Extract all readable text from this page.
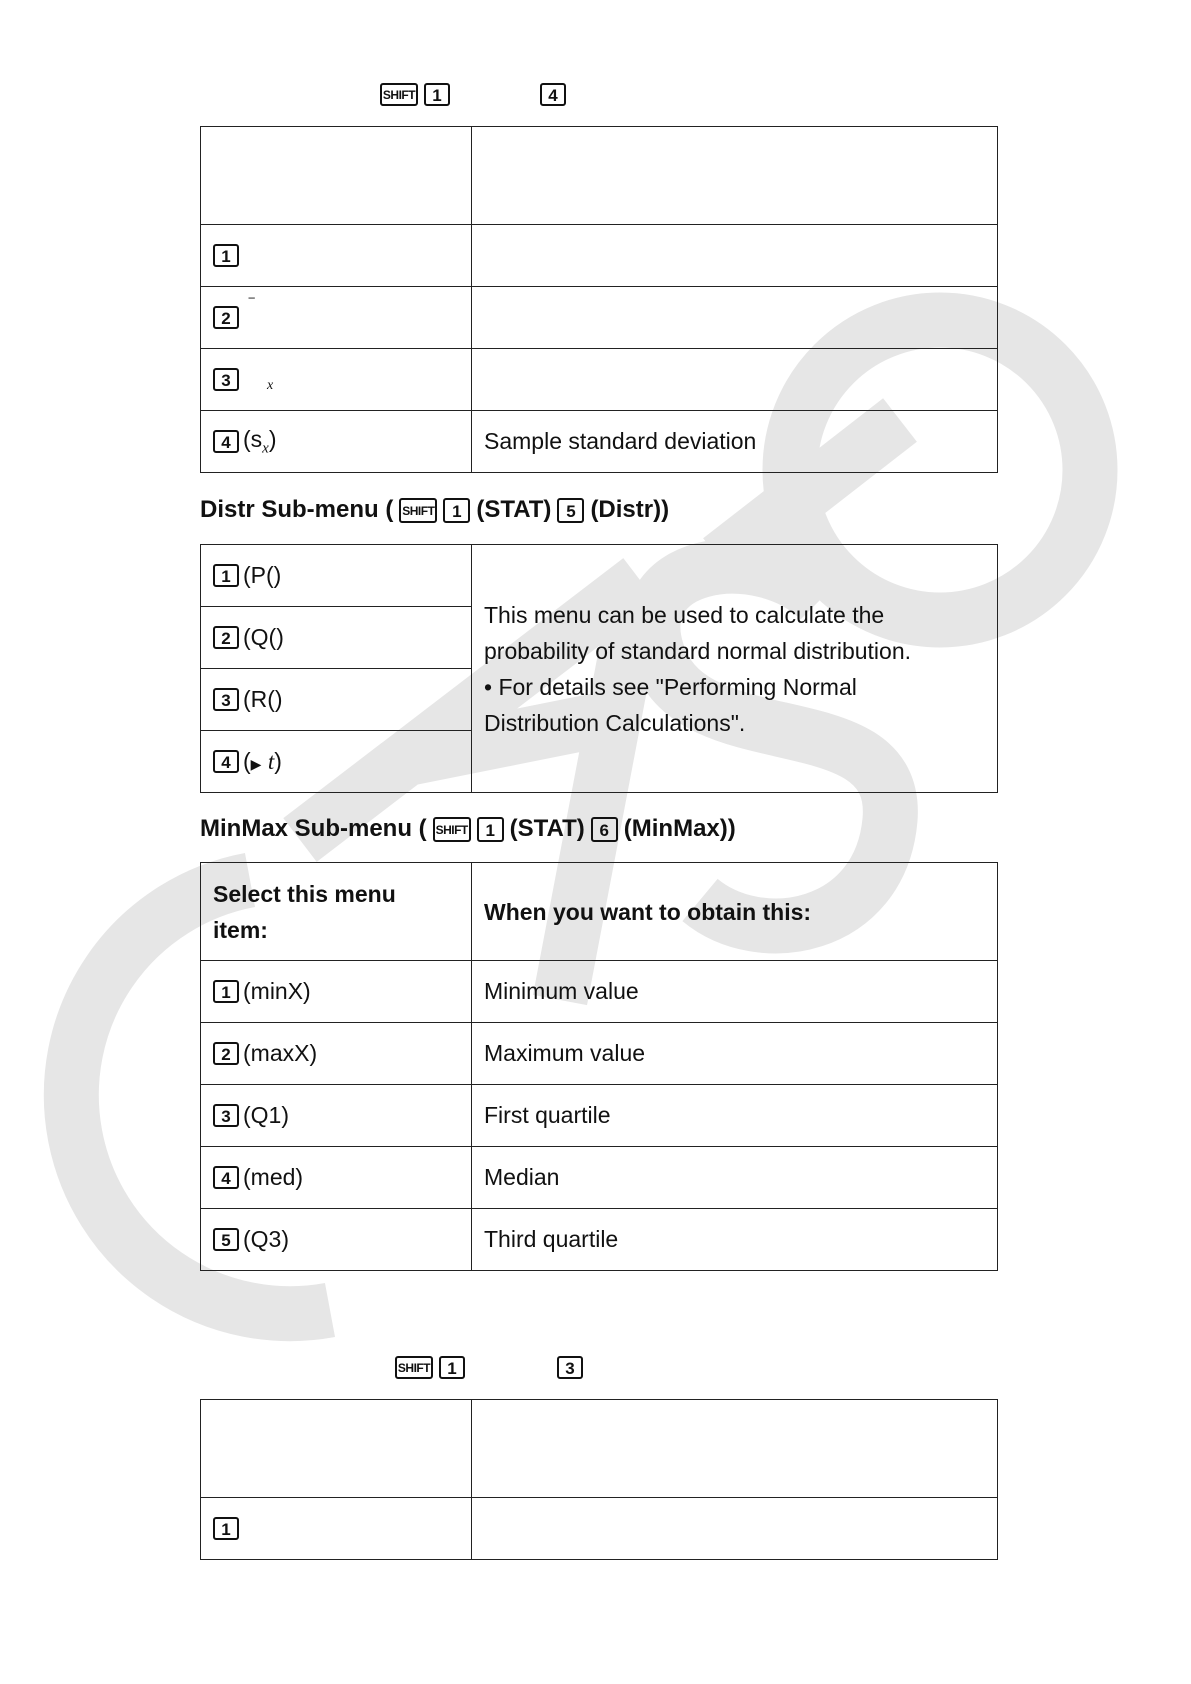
SHIFT	1	4

1	

2
‾	

3 x	

4 $(s_x)$	Sample standard deviation
Distr Sub-menu ( SHIFT	1 (STAT) 5 (Distr))
1 (P()

This menu can be used to calculate the
probability of standard normal distribution.
• For details see "Performing Normal
Distribution Calculations".

2 (Q()

3 (R()

4 (▶ t)
MinMax Sub-menu ( SHIFT	1 (STAT) 6 (MinMax))
Select this menu
item:	When you want to obtain this:

1 (minX)	Minimum value

2 (maxX)	Maximum value

3 (Q1)	First quartile

4 (med)	Median

5 (Q3)	Third quartile
SHIFT	1	3

1	
